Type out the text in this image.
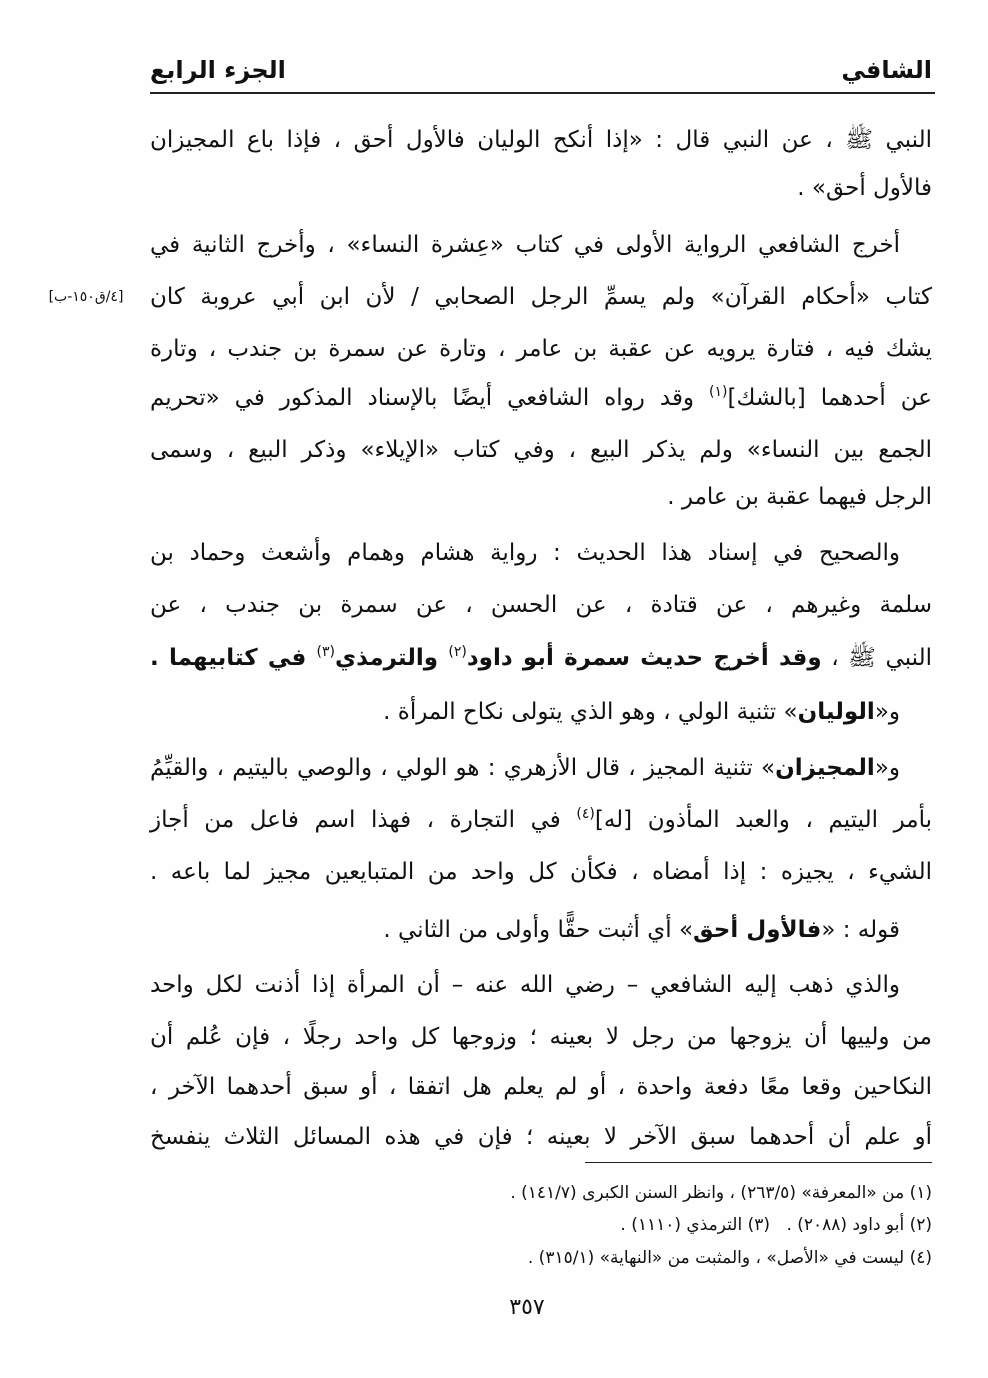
الشافي
الجزء الرابع
[٤/ق١٥٠-ب]
النبي ﷺ ، عن النبي قال : «إذا أنكح الوليان فالأول أحق ، فإذا باع المجيزان
فالأول أحق» .
أخرج الشافعي الرواية الأولى في كتاب «عِشرة النساء» ، وأخرج الثانية في
كتاب «أحكام القرآن» ولم يسمِّ الرجل الصحابي / لأن ابن أبي عروبة كان
يشك فيه ، فتارة يرويه عن عقبة بن عامر ، وتارة عن سمرة بن جندب ، وتارة
عن أحدهما [بالشك]$^{(١)}$ وقد رواه الشافعي أيضًا بالإسناد المذكور في «تحريم
الجمع بين النساء» ولم يذكر البيع ، وفي كتاب «الإيلاء» وذكر البيع ، وسمى
الرجل فيهما عقبة بن عامر .
والصحيح في إسناد هذا الحديث : رواية هشام وهمام وأشعث وحماد بن
سلمة وغيرهم ، عن قتادة ، عن الحسن ، عن سمرة بن جندب ، عن
النبي ﷺ ، وقد أخرج حديث سمرة أبو داود$^{(٢)}$ والترمذي$^{(٣)}$ في كتابيهما .
و«الوليان» تثنية الولي ، وهو الذي يتولى نكاح المرأة .
و«المجيزان» تثنية المجيز ، قال الأزهري : هو الولي ، والوصي باليتيم ، والقيِّمُ
بأمر اليتيم ، والعبد المأذون [له]$^{(٤)}$ في التجارة ، فهذا اسم فاعل من أجاز
الشيء ، يجيزه : إذا أمضاه ، فكأن كل واحد من المتبايعين مجيز لما باعه .
قوله : «فالأول أحق» أي أثبت حقًّا وأولى من الثاني .
والذي ذهب إليه الشافعي – رضي الله عنه – أن المرأة إذا أذنت لكل واحد
من ولييها أن يزوجها من رجل لا بعينه ؛ وزوجها كل واحد رجلًا ، فإن عُلم أن
النكاحين وقعا معًا دفعة واحدة ، أو لم يعلم هل اتفقا ، أو سبق أحدهما الآخر ،
أو علم أن أحدهما سبق الآخر لا بعينه ؛ فإن في هذه المسائل الثلاث ينفسخ
(١) من «المعرفة» (٢٦٣/٥) ، وانظر السنن الكبرى (١٤١/٧) .
(٢) أبو داود (٢٠٨٨) .
(٣) الترمذي (١١١٠) .
(٤) ليست في «الأصل» ، والمثبت من «النهاية» (٣١٥/١) .
٣٥٧
